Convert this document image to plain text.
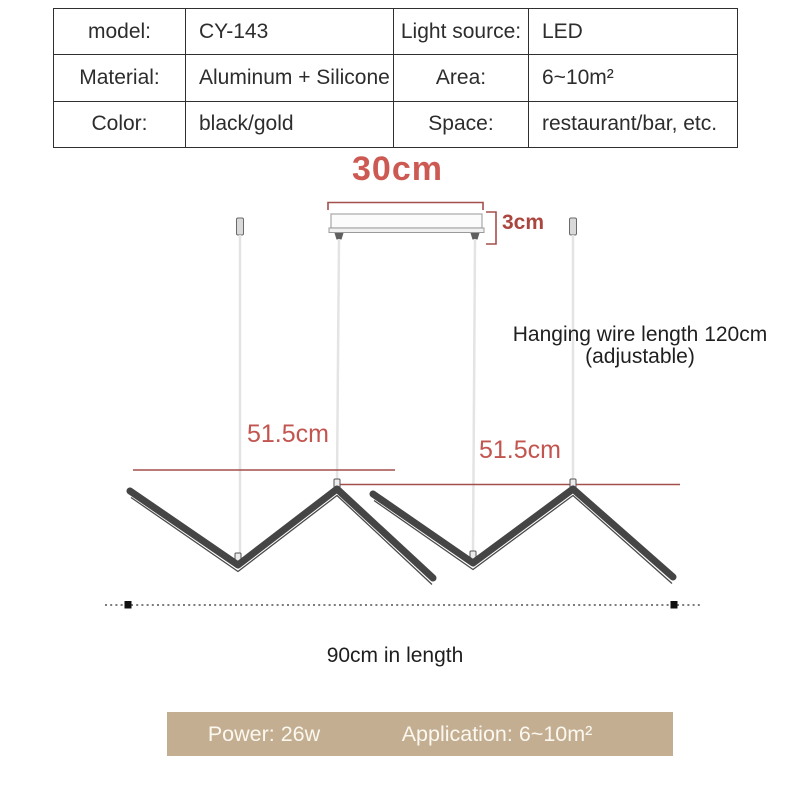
model:	CY-143	Light source:	LED
Material:	Aluminum + Silicone	Area:	6~10m²
Color:	black/gold	Space:	restaurant/bar, etc.
30cm
3cm
Hanging wire length 120cm
(adjustable)
51.5cm
51.5cm
90cm in length
Power: 26w	Application: 6~10m²
